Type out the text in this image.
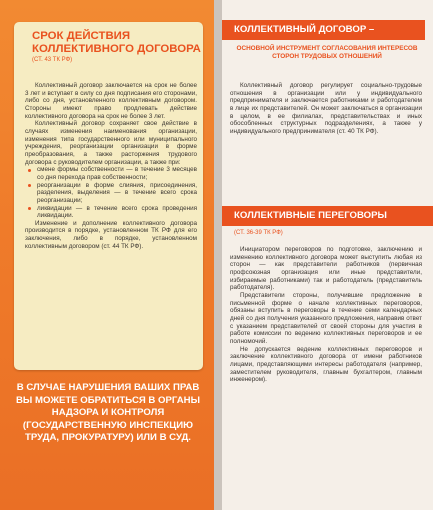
СРОК ДЕЙСТВИЯ КОЛЛЕКТИВНОГО ДОГОВОРА
(СТ. 43 ТК РФ)

Коллективный договор заключается на срок не более 3 лет и вступает в силу со дня подписания его сторонами, либо со дня, установленного коллективным договором. Стороны имеют право продлевать действие коллективного договора на срок не более 3 лет.

Коллективный договор сохраняет свое действие в случаях изменения наименования организации, изменения типа государственного или муниципального учреждения, реорганизации организации в форме преобразования, а также расторжения трудового договора с руководителем организации, а также при:

смене формы собственности — в течение 3 месяцев со дня перехода прав собственности;
реорганизации в форме слияния, присоединения, разделения, выделения — в течение всего срока реорганизации;
ликвидации — в течение всего срока проведения ликвидации.

Изменение и дополнение коллективного договора производится в порядке, установленном ТК РФ для его заключения, либо в порядке, установленном коллективным договором (ст. 44 ТК РФ).

В СЛУЧАЕ НАРУШЕНИЯ ВАШИХ ПРАВ ВЫ МОЖЕТЕ ОБРАТИТЬСЯ В ОРГАНЫ НАДЗОРА И КОНТРОЛЯ (ГОСУДАРСТВЕННУЮ ИНСПЕКЦИЮ ТРУДА, ПРОКУРАТУРУ) ИЛИ В СУД.
КОЛЛЕКТИВНЫЙ ДОГОВОР –
ОСНОВНОЙ ИНСТРУМЕНТ СОГЛАСОВАНИЯ ИНТЕРЕСОВ СТОРОН ТРУДОВЫХ ОТНОШЕНИЙ

Коллективный договор регулирует социально-трудовые отношения в организации или у индивидуального предпринимателя и заключается работниками и работодателем в лице их представителей. Он может заключаться в организации в целом, в ее филиалах, представительствах и иных обособленных структурных подразделениях, а также у индивидуального предпринимателя (ст. 40 ТК РФ).

КОЛЛЕКТИВНЫЕ ПЕРЕГОВОРЫ
(СТ. 36-39 ТК РФ)

Инициатором переговоров по подготовке, заключению и изменению коллективного договора может выступить любая из сторон — как представители работников (первичная профсоюзная организация или иные представители, избираемые работниками) так и работодатель (представитель работодателя).

Представители стороны, получившие предложение в письменной форме о начале коллективных переговоров, обязаны вступить в переговоры в течение семи календарных дней со дня получения указанного предложения, направив ответ с указанием представителей от своей стороны для участия в работе комиссии по ведению коллективных переговоров и ее полномочий.

Не допускается ведение коллективных переговоров и заключение коллективного договора от имени работников лицами, представляющими интересы работодателя (например, заместителем руководителя, главным бухгалтером, главным инженером).
